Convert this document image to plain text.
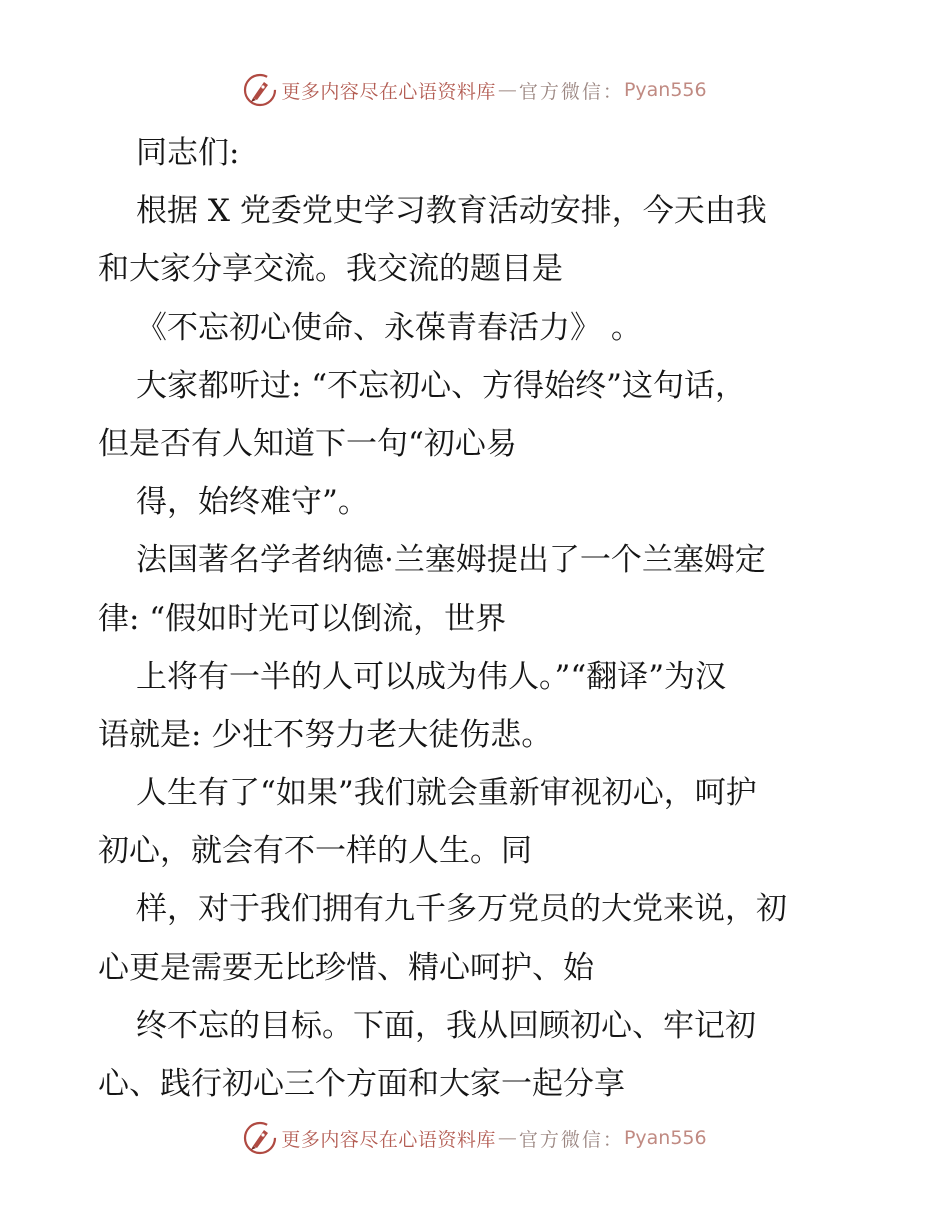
更多内容尽在心语资料库 — 官方微信： Pyan556
同志们:
根据 X 党委党史学习教育活动安排，今天由我
和大家分享交流。我交流的题目是
《不忘初心使命、永葆青春活力》 。
大家都听过: “不忘初心、方得始终”这句话，
但是否有人知道下一句“初心易
得，始终难守”。
法国著名学者纳德·兰塞姆提出了一个兰塞姆定
律: “假如时光可以倒流，世界
上将有一半的人可以成为伟人。”“翻译”为汉
语就是: 少壮不努力老大徒伤悲。
人生有了“如果”我们就会重新审视初心，呵护
初心，就会有不一样的人生。同
样，对于我们拥有九千多万党员的大党来说，初
心更是需要无比珍惜、精心呵护、始
终不忘的目标。下面，我从回顾初心、牢记初
心、践行初心三个方面和大家一起分享
更多内容尽在心语资料库 — 官方微信： Pyan556
